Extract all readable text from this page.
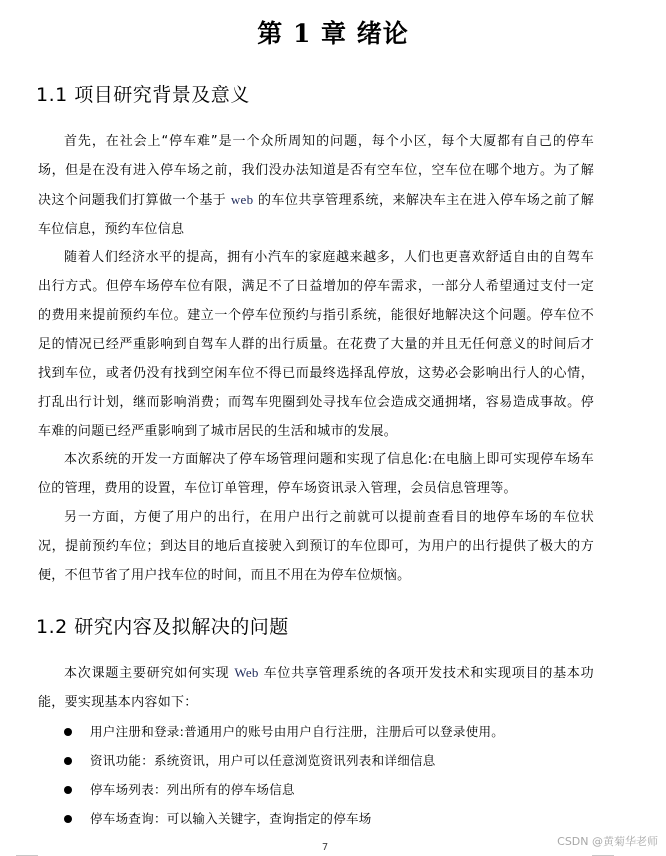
第 1 章 绪论
1.1 项目研究背景及意义

首先，在社会上“停车难”是一个众所周知的问题，每个小区，每个大厦都有自己的停车场，但是在没有进入停车场之前，我们没办法知道是否有空车位，空车位在哪个地方。为了解决这个问题我们打算做一个基于 web 的车位共享管理系统，来解决车主在进入停车场之前了解车位信息，预约车位信息

随着人们经济水平的提高，拥有小汽车的家庭越来越多，人们也更喜欢舒适自由的自驾车出行方式。但停车场停车位有限，满足不了日益增加的停车需求，一部分人希望通过支付一定的费用来提前预约车位。建立一个停车位预约与指引系统，能很好地解决这个问题。停车位不足的情况已经严重影响到自驾车人群的出行质量。在花费了大量的并且无任何意义的时间后才找到车位，或者仍没有找到空闲车位不得已而最终选择乱停放，这势必会影响出行人的心情，打乱出行计划，继而影响消费；而驾车兜圈到处寻找车位会造成交通拥堵，容易造成事故。停车难的问题已经严重影响到了城市居民的生活和城市的发展。

本次系统的开发一方面解决了停车场管理问题和实现了信息化:在电脑上即可实现停车场车位的管理，费用的设置，车位订单管理，停车场资讯录入管理，会员信息管理等。

另一方面，方便了用户的出行，在用户出行之前就可以提前查看目的地停车场的车位状况，提前预约车位；到达目的地后直接驶入到预订的车位即可，为用户的出行提供了极大的方便，不但节省了用户找车位的时间，而且不用在为停车位烦恼。

1.2 研究内容及拟解决的问题

本次课题主要研究如何实现 Web 车位共享管理系统的各项开发技术和实现项目的基本功能，要实现基本内容如下：

用户注册和登录:普通用户的账号由用户自行注册，注册后可以登录使用。
资讯功能：系统资讯，用户可以任意浏览资讯列表和详细信息
停车场列表：列出所有的停车场信息
停车场查询：可以输入关键字，查询指定的停车场
7	CSDN @黄菊华老师
